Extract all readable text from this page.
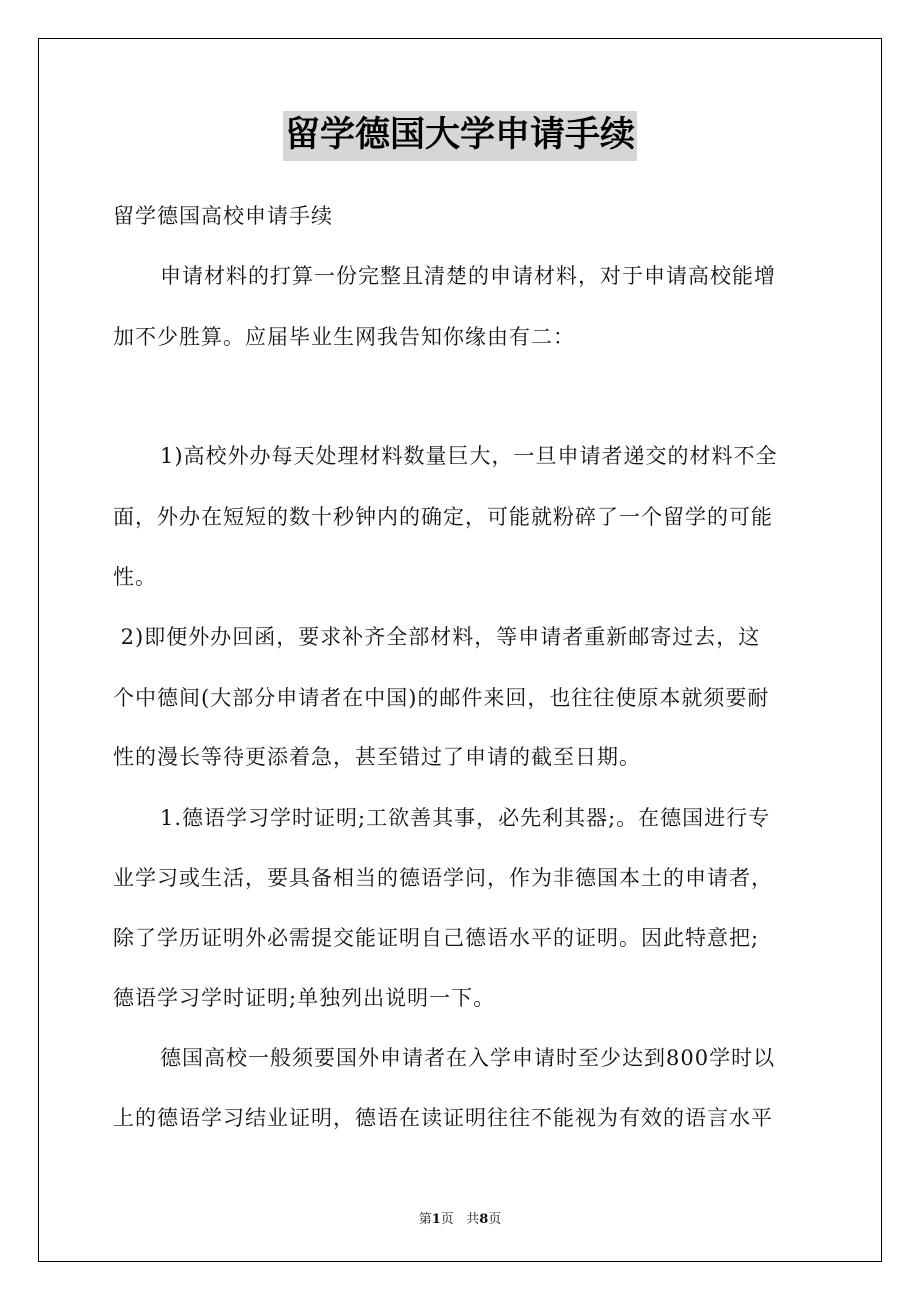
留学德国大学申请手续
留学德国高校申请手续
申请材料的打算一份完整且清楚的申请材料，对于申请高校能增
加不少胜算。应届毕业生网我告知你缘由有二：
1)高校外办每天处理材料数量巨大，一旦申请者递交的材料不全
面，外办在短短的数十秒钟内的确定，可能就粉碎了一个留学的可能
性。
2)即便外办回函，要求补齐全部材料，等申请者重新邮寄过去，这
个中德间(大部分申请者在中国)的邮件来回，也往往使原本就须要耐
性的漫长等待更添着急，甚至错过了申请的截至日期。
1.德语学习学时证明;工欲善其事，必先利其器;。在德国进行专
业学习或生活，要具备相当的德语学问，作为非德国本土的申请者，
除了学历证明外必需提交能证明自己德语水平的证明。因此特意把;
德语学习学时证明;单独列出说明一下。
德国高校一般须要国外申请者在入学申请时至少达到800学时以
上的德语学习结业证明，德语在读证明往往不能视为有效的语言水平
第1页   共8页
